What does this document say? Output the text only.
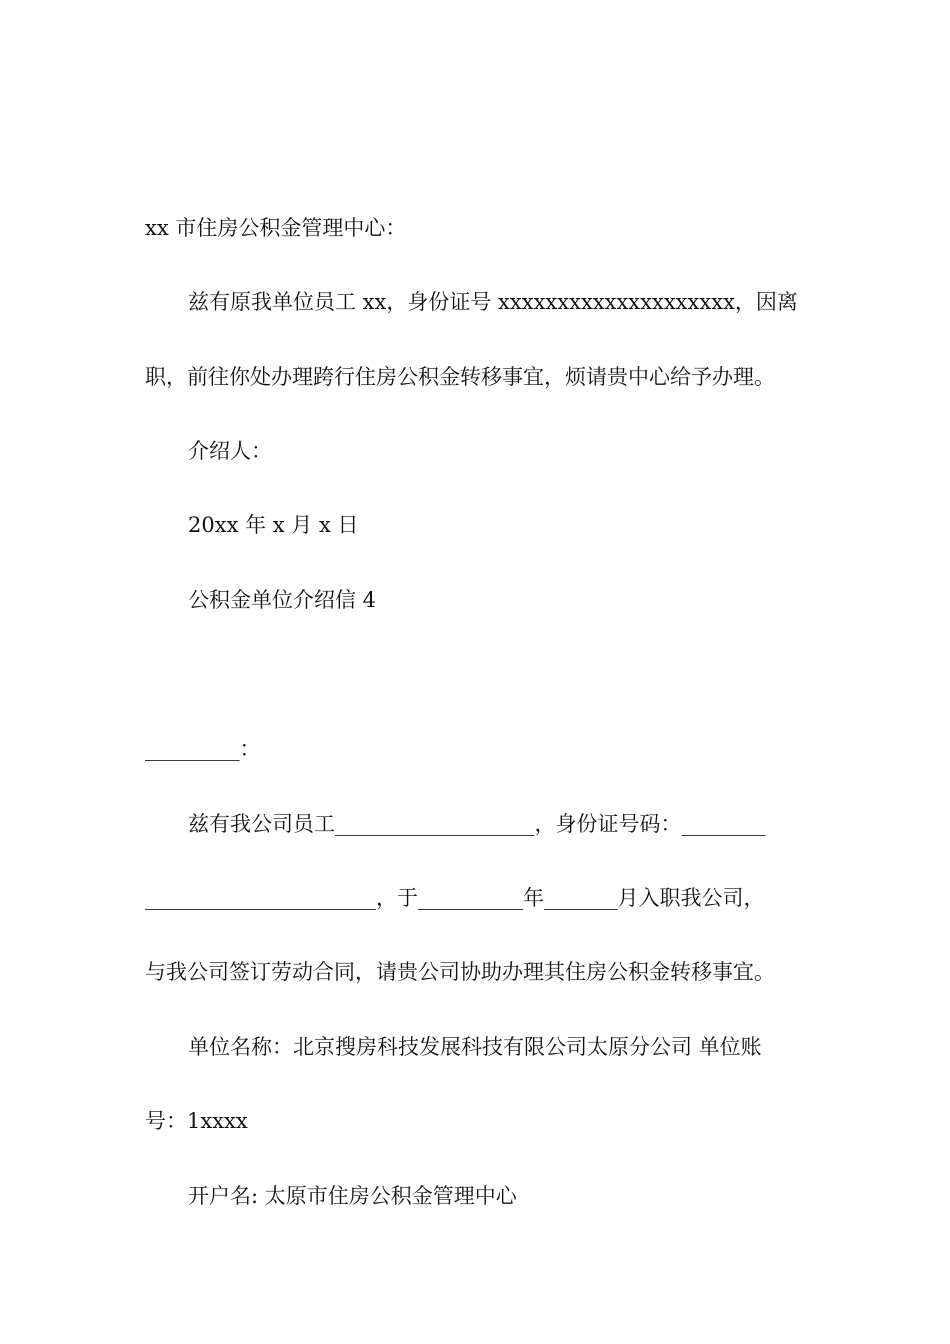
xx 市住房公积金管理中心：
兹有原我单位员工 xx，身份证号 xxxxxxxxxxxxxxxxxxxx，因离
职，前往你处办理跨行住房公积金转移事宜，烦请贵中心给予办理。
介绍人：
20xx 年 x 月 x 日
公积金单位介绍信 4
_________：
兹有我公司员工___________________，身份证号码：________
______________________，于__________年_______月入职我公司，
与我公司签订劳动合同，请贵公司协助办理其住房公积金转移事宜。
单位名称：北京搜房科技发展科技有限公司太原分公司 单位账
号：1xxxx
开户名: 太原市住房公积金管理中心
